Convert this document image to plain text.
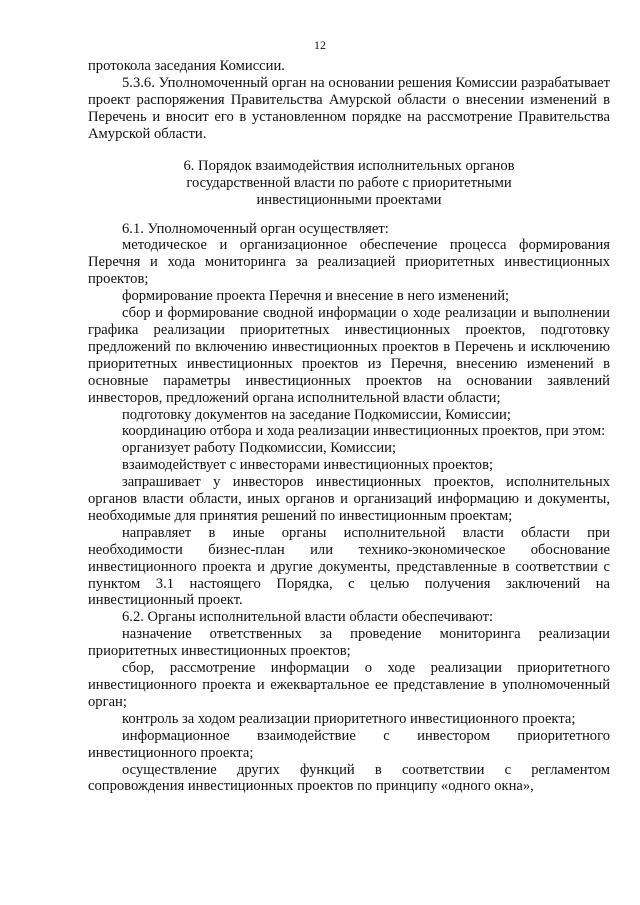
12

протокола заседания Комиссии.

5.3.6. Уполномоченный орган на основании решения Комиссии разрабатывает проект распоряжения Правительства Амурской области о внесении изменений в Перечень и вносит его в установленном порядке на рассмотрение Правительства Амурской области.

6. Порядок взаимодействия исполнительных органов
государственной власти по работе с приоритетными
инвестиционными проектами

6.1. Уполномоченный орган осуществляет:

методическое и организационное обеспечение процесса формирования Перечня и хода мониторинга за реализацией приоритетных инвестиционных проектов;

формирование проекта Перечня и внесение в него изменений;

сбор и формирование сводной информации о ходе реализации и выполнении графика реализации приоритетных инвестиционных проектов, подготовку предложений по включению инвестиционных проектов в Перечень и исключению приоритетных инвестиционных проектов из Перечня, внесению изменений в основные параметры инвестиционных проектов на основании заявлений инвесторов, предложений органа исполнительной власти области;

подготовку документов на заседание Подкомиссии, Комиссии;

координацию отбора и хода реализации инвестиционных проектов, при этом:

организует работу Подкомиссии, Комиссии;

взаимодействует с инвесторами инвестиционных проектов;

запрашивает у инвесторов инвестиционных проектов, исполнительных органов власти области, иных органов и организаций информацию и документы, необходимые для принятия решений по инвестиционным проектам;

направляет в иные органы исполнительной власти области при необходимости бизнес-план или технико-экономическое обоснование инвестиционного проекта и другие документы, представленные в соответствии с пунктом 3.1 настоящего Порядка, с целью получения заключений на инвестиционный проект.

6.2. Органы исполнительной власти области обеспечивают:

назначение ответственных за проведение мониторинга реализации приоритетных инвестиционных проектов;

сбор, рассмотрение информации о ходе реализации приоритетного инвестиционного проекта и ежеквартальное ее представление в уполномоченный орган;

контроль за ходом реализации приоритетного инвестиционного проекта;

информационное взаимодействие с инвестором приоритетного инвестиционного проекта;

осуществление других функций в соответствии с регламентом сопровождения инвестиционных проектов по принципу «одного окна»,
